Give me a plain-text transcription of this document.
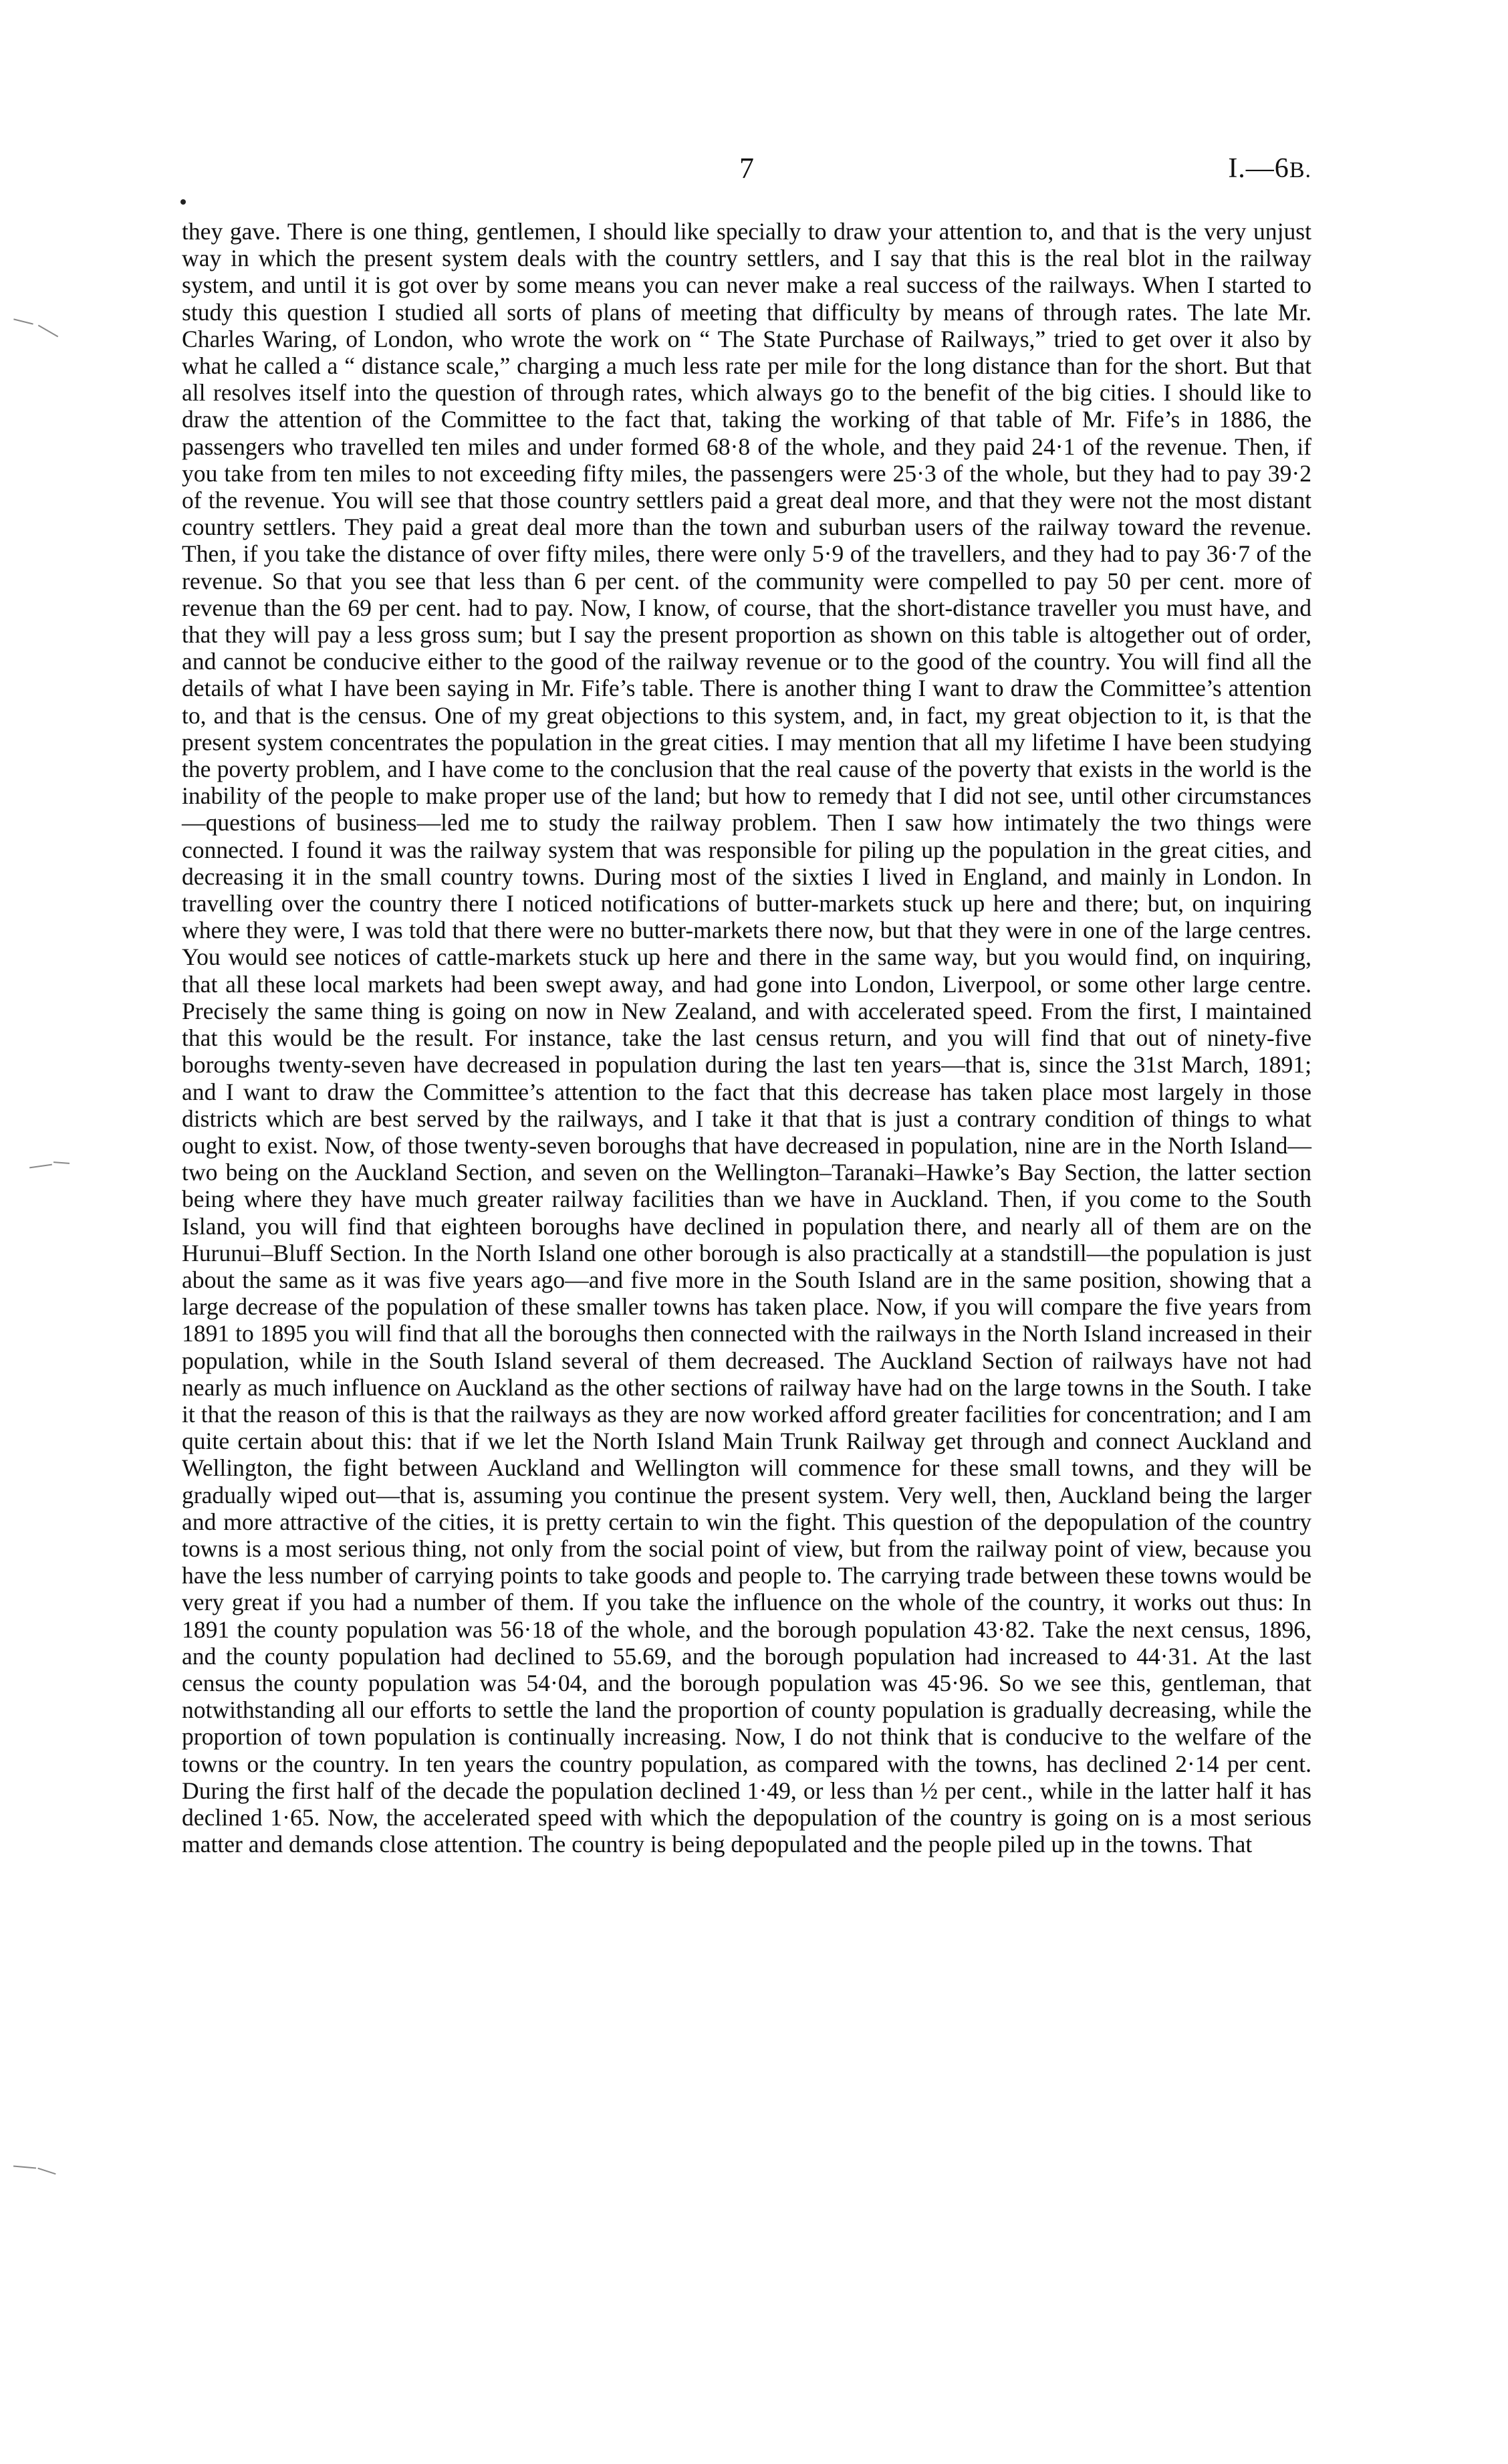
7	I.—6B.

they gave. There is one thing, gentlemen, I should like specially to draw your attention to, and that is the very unjust way in which the present system deals with the country settlers, and I say that this is the real blot in the railway system, and until it is got over by some means you can never make a real success of the railways. When I started to study this question I studied all sorts of plans of meeting that difficulty by means of through rates. The late Mr. Charles Waring, of London, who wrote the work on “ The State Purchase of Railways,” tried to get over it also by what he called a “ distance scale,” charging a much less rate per mile for the long distance than for the short. But that all resolves itself into the question of through rates, which always go to the benefit of the big cities. I should like to draw the attention of the Committee to the fact that, taking the working of that table of Mr. Fife’s in 1886, the passengers who travelled ten miles and under formed 68·8 of the whole, and they paid 24·1 of the revenue. Then, if you take from ten miles to not exceeding fifty miles, the passengers were 25·3 of the whole, but they had to pay 39·2 of the revenue. You will see that those country settlers paid a great deal more, and that they were not the most distant country settlers. They paid a great deal more than the town and suburban users of the railway toward the revenue. Then, if you take the distance of over fifty miles, there were only 5·9 of the travellers, and they had to pay 36·7 of the revenue. So that you see that less than 6 per cent. of the community were compelled to pay 50 per cent. more of revenue than the 69 per cent. had to pay. Now, I know, of course, that the short-distance traveller you must have, and that they will pay a less gross sum; but I say the present proportion as shown on this table is altogether out of order, and cannot be conducive either to the good of the railway revenue or to the good of the country. You will find all the details of what I have been saying in Mr. Fife’s table. There is another thing I want to draw the Committee’s attention to, and that is the census. One of my great objections to this system, and, in fact, my great objection to it, is that the present system concentrates the population in the great cities. I may mention that all my lifetime I have been studying the poverty problem, and I have come to the conclusion that the real cause of the poverty that exists in the world is the inability of the people to make proper use of the land; but how to remedy that I did not see, until other circumstances—questions of business—led me to study the railway problem. Then I saw how intimately the two things were connected. I found it was the railway system that was responsible for piling up the population in the great cities, and decreasing it in the small country towns. During most of the sixties I lived in England, and mainly in London. In travelling over the country there I noticed notifications of butter-markets stuck up here and there; but, on inquiring where they were, I was told that there were no butter-markets there now, but that they were in one of the large centres. You would see notices of cattle-markets stuck up here and there in the same way, but you would find, on inquiring, that all these local markets had been swept away, and had gone into London, Liverpool, or some other large centre. Precisely the same thing is going on now in New Zealand, and with accelerated speed. From the first, I maintained that this would be the result. For instance, take the last census return, and you will find that out of ninety-five boroughs twenty-seven have decreased in population during the last ten years—that is, since the 31st March, 1891; and I want to draw the Committee’s attention to the fact that this decrease has taken place most largely in those districts which are best served by the railways, and I take it that that is just a contrary condition of things to what ought to exist. Now, of those twenty-seven boroughs that have decreased in population, nine are in the North Island—two being on the Auckland Section, and seven on the Wellington–Taranaki–Hawke’s Bay Section, the latter section being where they have much greater railway facilities than we have in Auckland. Then, if you come to the South Island, you will find that eighteen boroughs have declined in population there, and nearly all of them are on the Hurunui–Bluff Section. In the North Island one other borough is also practically at a standstill—the population is just about the same as it was five years ago—and five more in the South Island are in the same position, showing that a large decrease of the population of these smaller towns has taken place. Now, if you will compare the five years from 1891 to 1895 you will find that all the boroughs then connected with the railways in the North Island increased in their population, while in the South Island several of them decreased. The Auckland Section of railways have not had nearly as much influence on Auckland as the other sections of railway have had on the large towns in the South. I take it that the reason of this is that the railways as they are now worked afford greater facilities for concentration; and I am quite certain about this: that if we let the North Island Main Trunk Railway get through and connect Auckland and Wellington, the fight between Auckland and Wellington will commence for these small towns, and they will be gradually wiped out—that is, assuming you continue the present system. Very well, then, Auckland being the larger and more attractive of the cities, it is pretty certain to win the fight. This question of the depopulation of the country towns is a most serious thing, not only from the social point of view, but from the railway point of view, because you have the less number of carrying points to take goods and people to. The carrying trade between these towns would be very great if you had a number of them. If you take the influence on the whole of the country, it works out thus: In 1891 the county population was 56·18 of the whole, and the borough population 43·82. Take the next census, 1896, and the county population had declined to 55.69, and the borough population had increased to 44·31. At the last census the county population was 54·04, and the borough population was 45·96. So we see this, gentleman, that notwithstanding all our efforts to settle the land the proportion of county population is gradually decreasing, while the proportion of town population is continually increasing. Now, I do not think that is conducive to the welfare of the towns or the country. In ten years the country population, as compared with the towns, has declined 2·14 per cent. During the first half of the decade the population declined 1·49, or less than ½ per cent., while in the latter half it has declined 1·65. Now, the accelerated speed with which the depopulation of the country is going on is a most serious matter and demands close attention. The country is being depopulated and the people piled up in the towns. That
